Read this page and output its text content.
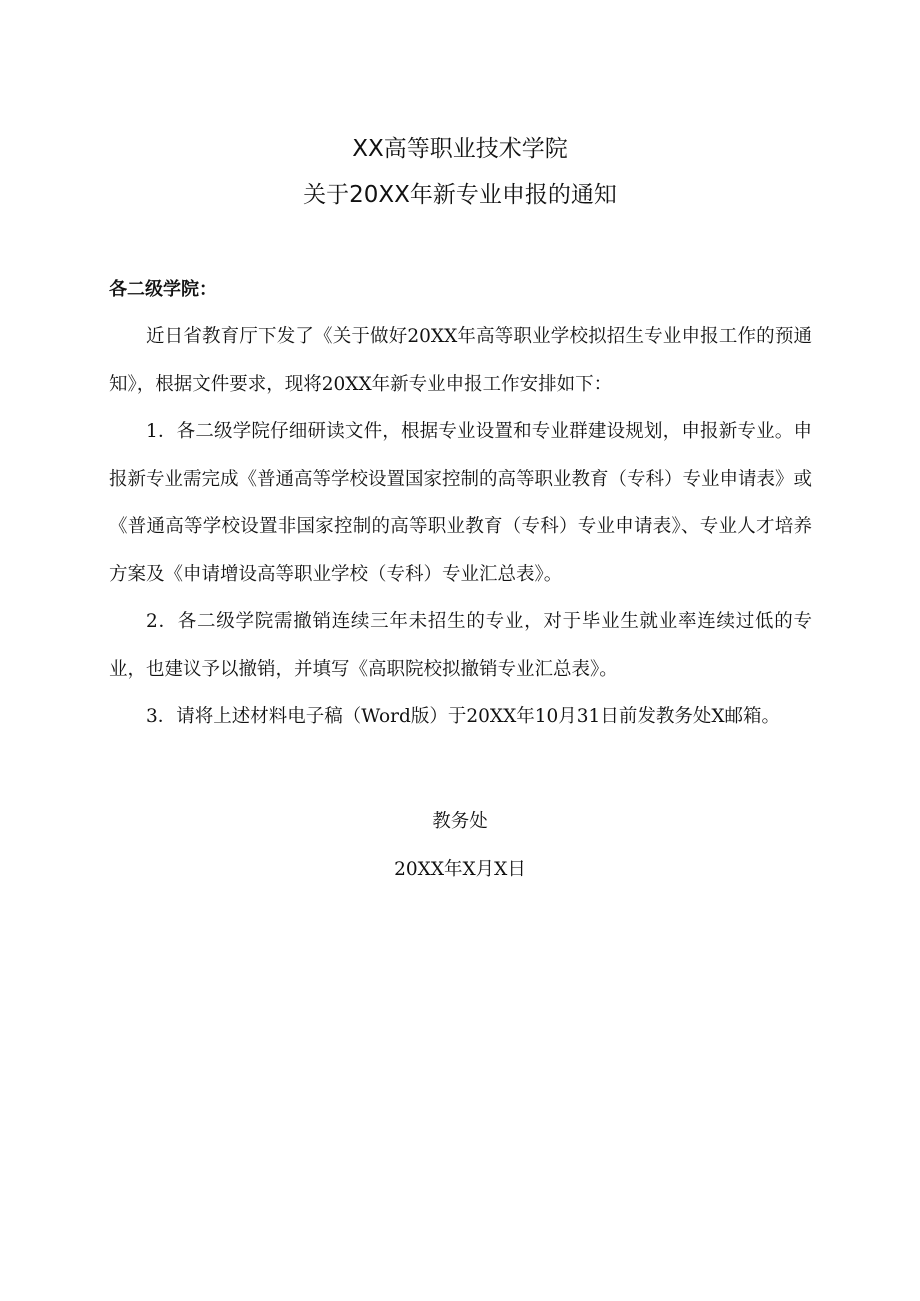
XX高等职业技术学院
关于20XX年新专业申报的通知
各二级学院：

近日省教育厅下发了《关于做好20XX年高等职业学校拟招生专业申报工作的预通知》，根据文件要求，现将20XX年新专业申报工作安排如下：

1．各二级学院仔细研读文件，根据专业设置和专业群建设规划，申报新专业。申报新专业需完成《普通高等学校设置国家控制的高等职业教育（专科）专业申请表》或《普通高等学校设置非国家控制的高等职业教育（专科）专业申请表》、专业人才培养方案及《申请增设高等职业学校（专科）专业汇总表》。

2．各二级学院需撤销连续三年未招生的专业，对于毕业生就业率连续过低的专业，也建议予以撤销，并填写《高职院校拟撤销专业汇总表》。

3．请将上述材料电子稿（Word版）于20XX年10月31日前发教务处X邮箱。

教务处
20XX年X月X日
